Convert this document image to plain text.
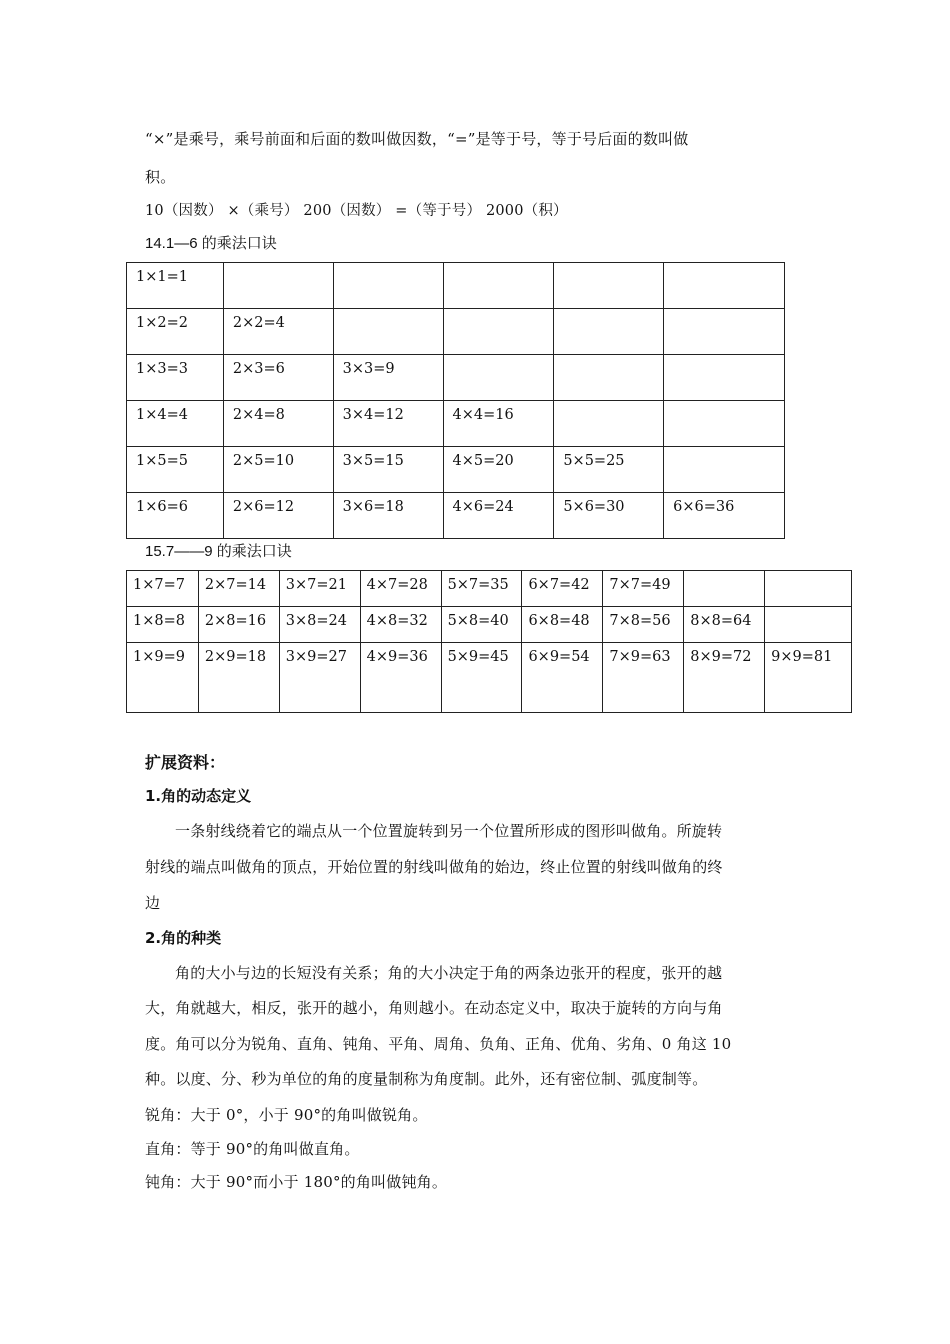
“×”是乘号，乘号前面和后面的数叫做因数，“=”是等于号，等于号后面的数叫做
积。
10（因数） ×（乘号） 200（因数） =（等于号） 2000（积）
14.1—6 的乘法口诀
1×1=1					
1×2=2	2×2=4				
1×3=3	2×3=6	3×3=9			
1×4=4	2×4=8	3×4=12	4×4=16		
1×5=5	2×5=10	3×5=15	4×5=20	5×5=25	
1×6=6	2×6=12	3×6=18	4×6=24	5×6=30	6×6=36
15.7——9 的乘法口诀
1×7=7	2×7=14	3×7=21	4×7=28	5×7=35	6×7=42	7×7=49		
1×8=8	2×8=16	3×8=24	4×8=32	5×8=40	6×8=48	7×8=56	8×8=64	
1×9=9	2×9=18	3×9=27	4×9=36	5×9=45	6×9=54	7×9=63	8×9=72	9×9=81
扩展资料：
1.角的动态定义
一条射线绕着它的端点从一个位置旋转到另一个位置所形成的图形叫做角。所旋转
射线的端点叫做角的顶点，开始位置的射线叫做角的始边，终止位置的射线叫做角的终
边
2.角的种类
角的大小与边的长短没有关系；角的大小决定于角的两条边张开的程度，张开的越
大，角就越大，相反，张开的越小，角则越小。在动态定义中，取决于旋转的方向与角
度。角可以分为锐角、直角、钝角、平角、周角、负角、正角、优角、劣角、0 角这 10
种。以度、分、秒为单位的角的度量制称为角度制。此外，还有密位制、弧度制等。
锐角：大于 0°，小于 90°的角叫做锐角。
直角：等于 90°的角叫做直角。
钝角：大于 90°而小于 180°的角叫做钝角。
